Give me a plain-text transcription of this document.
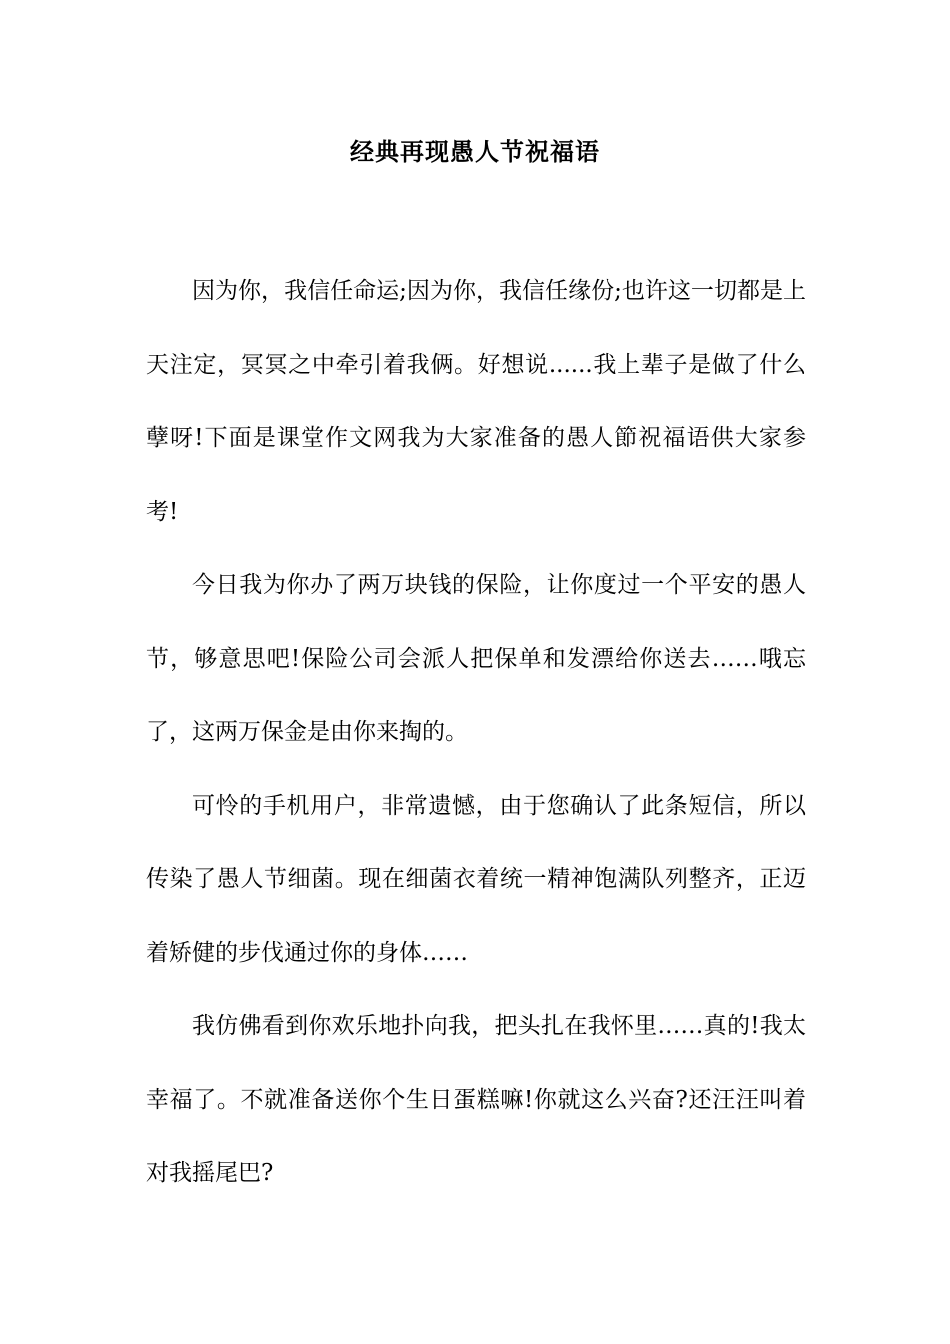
经典再现愚人节祝福语

因为你，我信任命运;因为你，我信任缘份;也许这一切都是上天注定，冥冥之中牵引着我俩。好想说......我上辈子是做了什么孽呀!下面是课堂作文网我为大家准备的愚人節祝福语供大家参考!

今日我为你办了两万块钱的保险，让你度过一个平安的愚人节，够意思吧!保险公司会派人把保单和发漂给你送去……哦忘了，这两万保金是由你来掏的。

可怜的手机用户，非常遗憾，由于您确认了此条短信，所以传染了愚人节细菌。现在细菌衣着统一精神饱满队列整齐，正迈着矫健的步伐通过你的身体……

我仿佛看到你欢乐地扑向我，把头扎在我怀里……真的!我太幸福了。不就准备送你个生日蛋糕嘛!你就这么兴奋?还汪汪叫着对我摇尾巴?
